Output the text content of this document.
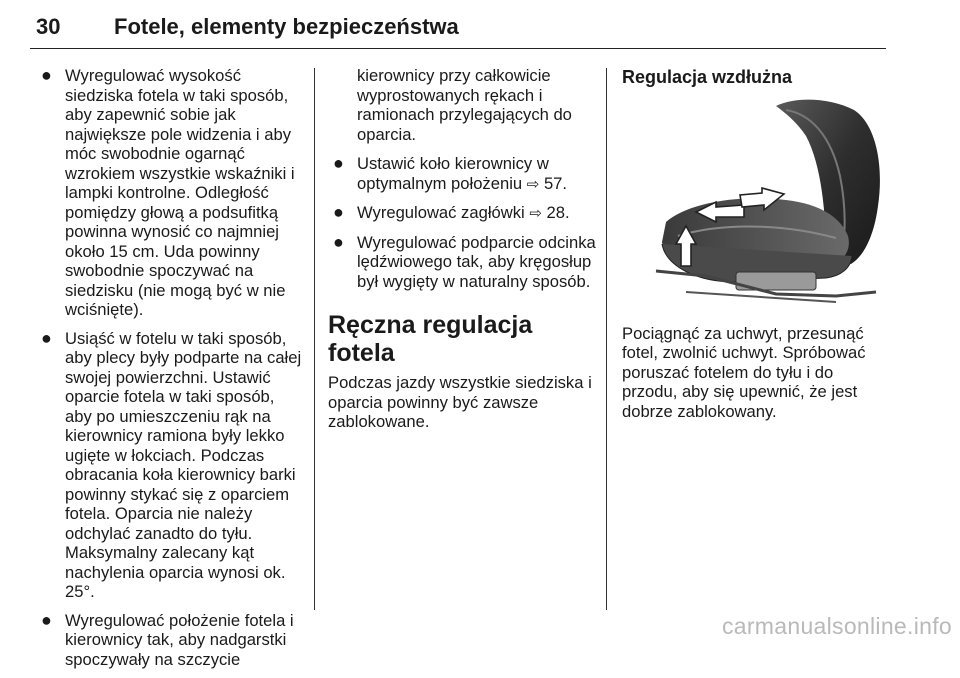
30 Fotele, elementy bezpieczeństwa
● Wyregulować wysokość siedziska fotela w taki sposób, aby zapewnić sobie jak największe pole widzenia i aby móc swobodnie ogarnąć wzrokiem wszystkie wskaźniki i lampki kontrolne. Odległość pomiędzy głową a podsufitką powinna wynosić co najmniej około 15 cm. Uda powinny swobodnie spoczywać na siedzisku (nie mogą być w nie wciśnięte).
● Usiąść w fotelu w taki sposób, aby plecy były podparte na całej swojej powierzchni. Ustawić oparcie fotela w taki sposób, aby po umieszczeniu rąk na kierownicy ramiona były lekko ugięte w łokciach. Podczas obracania koła kierownicy barki powinny stykać się z oparciem fotela. Oparcia nie należy odchylać zanadto do tyłu. Maksymalny zalecany kąt nachylenia oparcia wynosi ok. 25°.
● Wyregulować położenie fotela i kierownicy tak, aby nadgarstki spoczywały na szczycie
kierownicy przy całkowicie wyprostowanych rękach i ramionach przylegających do oparcia.
● Ustawić koło kierownicy w optymalnym położeniu ⇨ 57.
● Wyregulować zagłówki ⇨ 28.
● Wyregulować podparcie odcinka lędźwiowego tak, aby kręgosłup był wygięty w naturalny sposób.
Ręczna regulacja fotela
Podczas jazdy wszystkie siedziska i oparcia powinny być zawsze zablokowane.
Regulacja wzdłużna
Pociągnąć za uchwyt, przesunąć fotel, zwolnić uchwyt. Spróbować poruszać fotelem do tyłu i do przodu, aby się upewnić, że jest dobrze zablokowany.
carmanualsonline.info
